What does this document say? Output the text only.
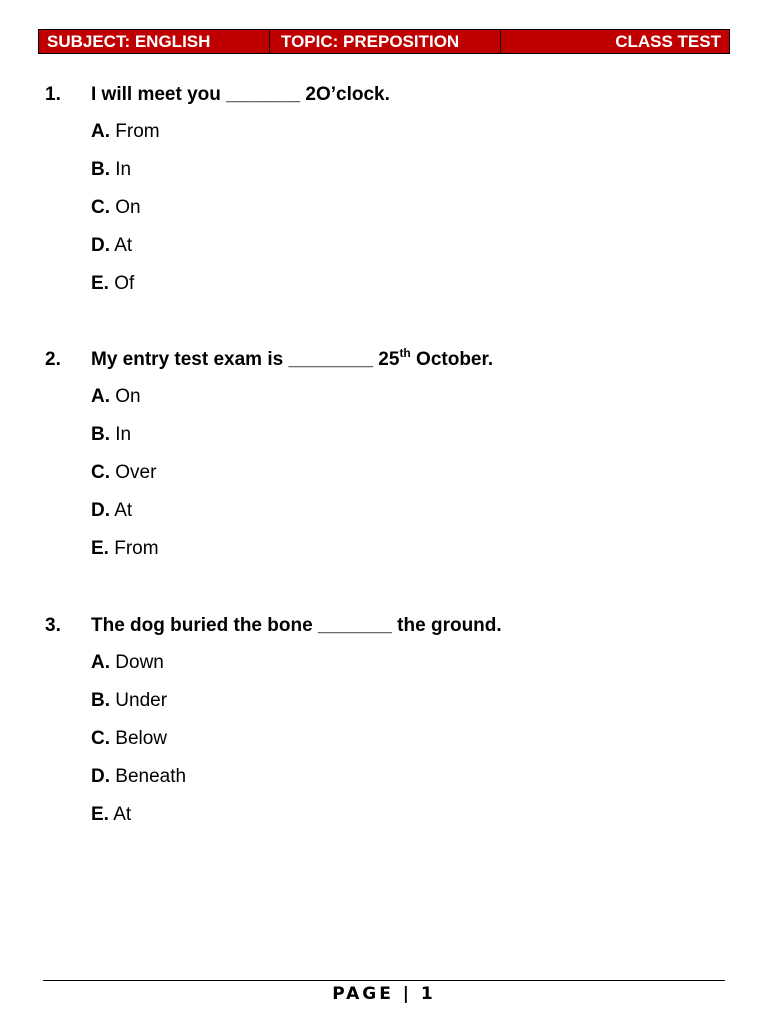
SUBJECT: ENGLISH	TOPIC: PREPOSITION	CLASS TEST
1.	I will meet you _______ 2O’clock.
A. From
B. In
C. On
D. At
E. Of
2.	My entry test exam is ________ 25th October.
A. On
B. In
C. Over
D. At
E. From
3.	The dog buried the bone _______ the ground.
A. Down
B. Under
C. Below
D. Beneath
E. At
PAGE | 1
